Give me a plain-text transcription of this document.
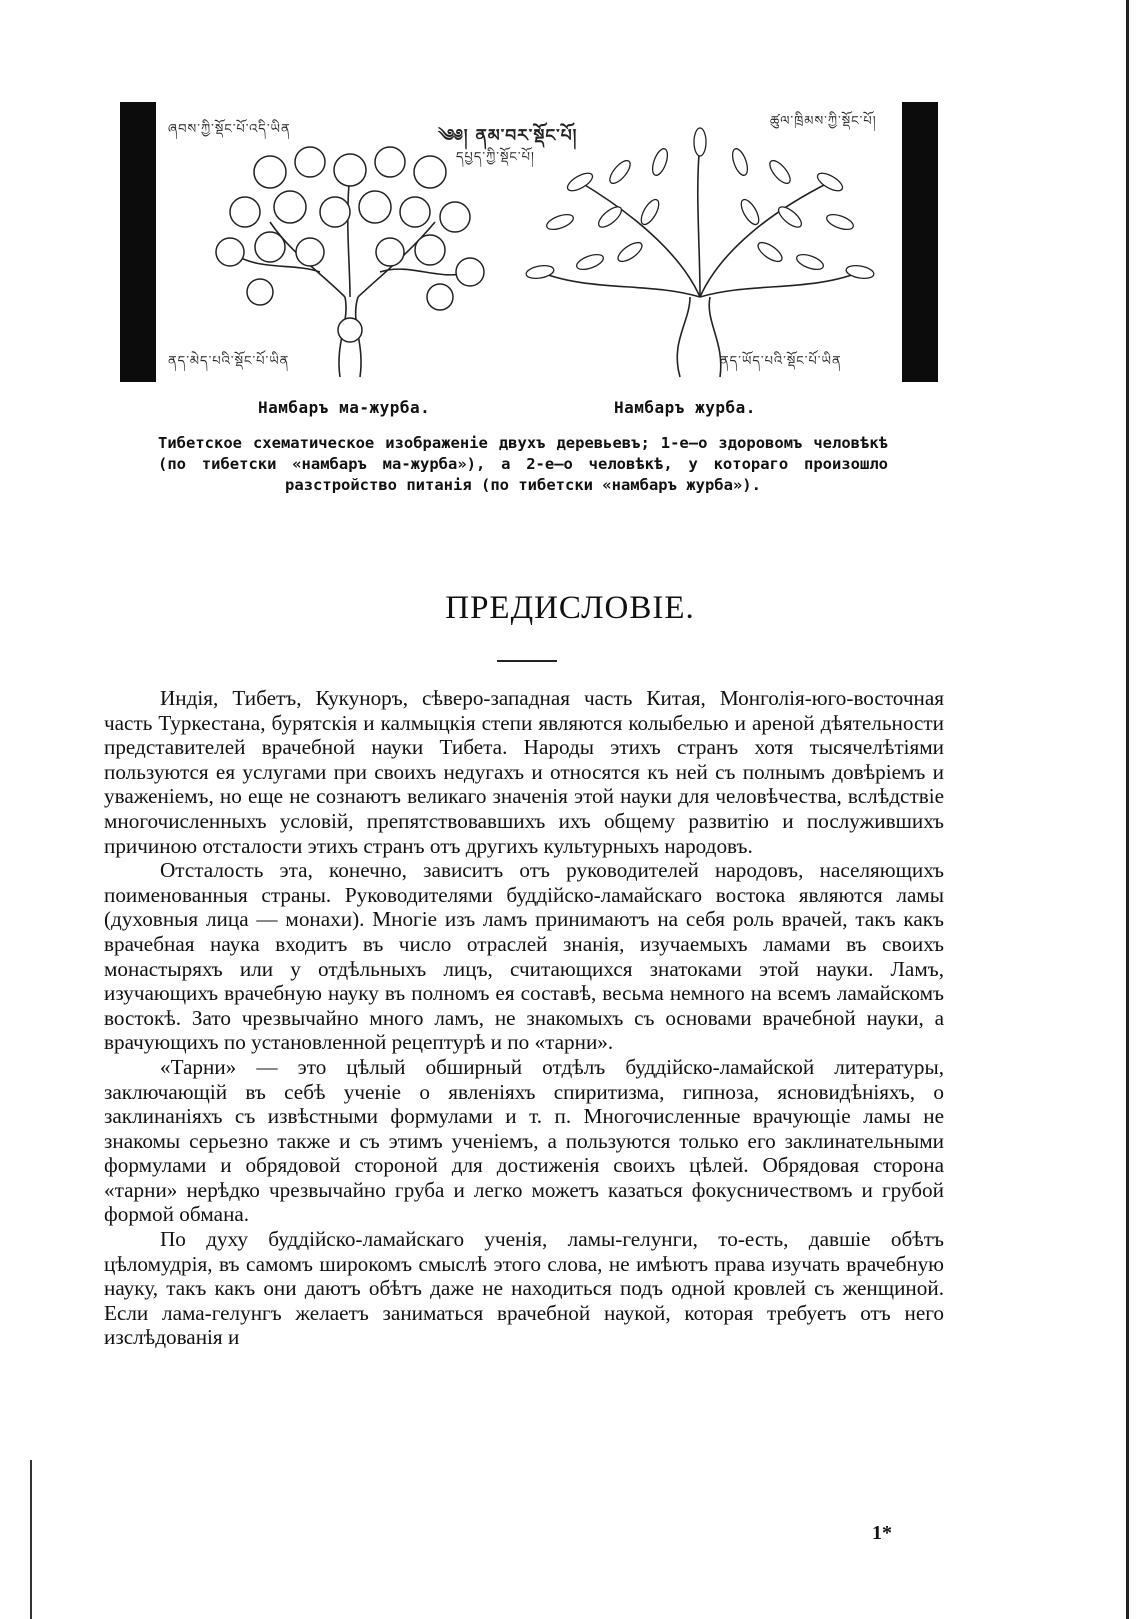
ཞབས་ཀྱི་སྡོང་པོ་འདི་ཡིན	༄༅། ནམ་བར་སྡོང་པོ།
དཔྱད་ཀྱི་སྡོང་པོ།
ཚུལ་ཁྲིམས་ཀྱི་སྡོང་པོ།
ནད་མེད་པའི་སྡོང་པོ་ཡིན	ནད་ཡོད་པའི་སྡོང་པོ་ཡིན
Намбаръ ма-журба.	Намбаръ журба.
Тибетское схематическое изображенiе двухъ деревьевъ; 1-е—о здоровомъ человѣкѣ (по тибетски «намбаръ ма-журба»), а 2-е—о человѣкѣ, у котораго произошло разстройство питанiя (по тибетски «намбаръ журба»).
ПРЕДИСЛОВIЕ.

Индiя, Тибетъ, Кукуноръ, сѣверо-западная часть Китая, Монголiя-юго-восточная часть Туркестана, бурятскiя и калмыцкiя степи являются колыбелью и ареной дѣятельности представителей врачебной науки Тибета. Народы этихъ странъ хотя тысячелѣтiями пользуются ея услугами при своихъ недугахъ и относятся къ ней съ полнымъ довѣрiемъ и уваженiемъ, но еще не сознаютъ великаго значенiя этой науки для человѣчества, вслѣдствiе многочисленныхъ условiй, препятствовавшихъ ихъ общему развитiю и послужившихъ причиною отсталости этихъ странъ отъ другихъ культурныхъ народовъ.

Отсталость эта, конечно, зависитъ отъ руководителей народовъ, населяющихъ поименованныя страны. Руководителями буддiйско-ламайскаго востока являются ламы (духовныя лица — монахи). Многiе изъ ламъ принимаютъ на себя роль врачей, такъ какъ врачебная наука входитъ въ число отраслей знанiя, изучаемыхъ ламами въ своихъ монастыряхъ или у отдѣльныхъ лицъ, считающихся знатоками этой науки. Ламъ, изучающихъ врачебную науку въ полномъ ея составѣ, весьма немного на всемъ ламайскомъ востокѣ. Зато чрезвычайно много ламъ, не знакомыхъ съ основами врачебной науки, а врачующихъ по установленной рецептурѣ и по «тарни».

«Тарни» — это цѣлый обширный отдѣлъ буддiйско-ламайской литературы, заключающiй въ себѣ ученiе о явленiяхъ спиритизма, гипноза, ясновидѣнiяхъ, о заклинанiяхъ съ извѣстными формулами и т. п. Многочисленные врачующiе ламы не знакомы серьезно также и съ этимъ ученiемъ, а пользуются только его заклинательными формулами и обрядовой стороной для достиженiя своихъ цѣлей. Обрядовая сторона «тарни» нерѣдко чрезвычайно груба и легко можетъ казаться фокусничествомъ и грубой формой обмана.

По духу буддiйско-ламайскаго ученiя, ламы-гелунги, то-есть, давшiе обѣтъ цѣломудрiя, въ самомъ широкомъ смыслѣ этого слова, не имѣютъ права изучать врачебную науку, такъ какъ они даютъ обѣтъ даже не находиться подъ одной кровлей съ женщиной. Если лама-гелунгъ желаетъ заниматься врачебной наукой, которая требуетъ отъ него изслѣдованiя и

1*
